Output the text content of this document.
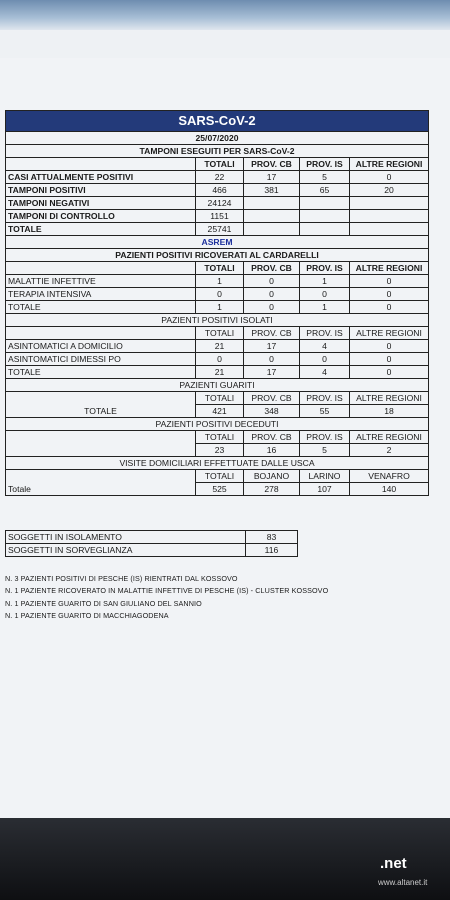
SARS-CoV-2				
25/07/2020				
TAMPONI ESEGUITI PER SARS-CoV-2				
	TOTALI	PROV. CB	PROV. IS	ALTRE REGIONI
CASI ATTUALMENTE POSITIVI	22	17	5	0
TAMPONI POSITIVI	466	381	65	20
TAMPONI NEGATIVI	24124			
TAMPONI DI CONTROLLO	1151			
TOTALE	25741			
ASREM				
PAZIENTI POSITIVI RICOVERATI AL CARDARELLI				
	TOTALI	PROV. CB	PROV. IS	ALTRE REGIONI
MALATTIE INFETTIVE	1	0	1	0
TERAPIA INTENSIVA	0	0	0	0
TOTALE	1	0	1	0
PAZIENTI POSITIVI ISOLATI				
	TOTALI	PROV. CB	PROV. IS	ALTRE REGIONI
ASINTOMATICI A DOMICILIO	21	17	4	0
ASINTOMATICI DIMESSI PO	0	0	0	0
TOTALE	21	17	4	0
PAZIENTI GUARITI				
	TOTALI	PROV. CB	PROV. IS	ALTRE REGIONI
TOTALE	421	348	55	18
PAZIENTI POSITIVI DECEDUTI				
	TOTALI	PROV. CB	PROV. IS	ALTRE REGIONI
	23	16	5	2
VISITE DOMICILIARI EFFETTUATE DALLE USCA				
	TOTALI	BOJANO	LARINO	VENAFRO
Totale	525	278	107	140
SOGGETTI IN ISOLAMENTO	83
SOGGETTI IN SORVEGLIANZA	116
N. 3 PAZIENTI POSITIVI DI PESCHE (IS) RIENTRATI DAL KOSSOVO
N. 1 PAZIENTE RICOVERATO IN MALATTIE INFETTIVE DI PESCHE (IS) - CLUSTER KOSSOVO
N. 1 PAZIENTE GUARITO DI SAN GIULIANO DEL SANNIO
N. 1 PAZIENTE GUARITO DI MACCHIAGODENA
.net
www.altanet.it
